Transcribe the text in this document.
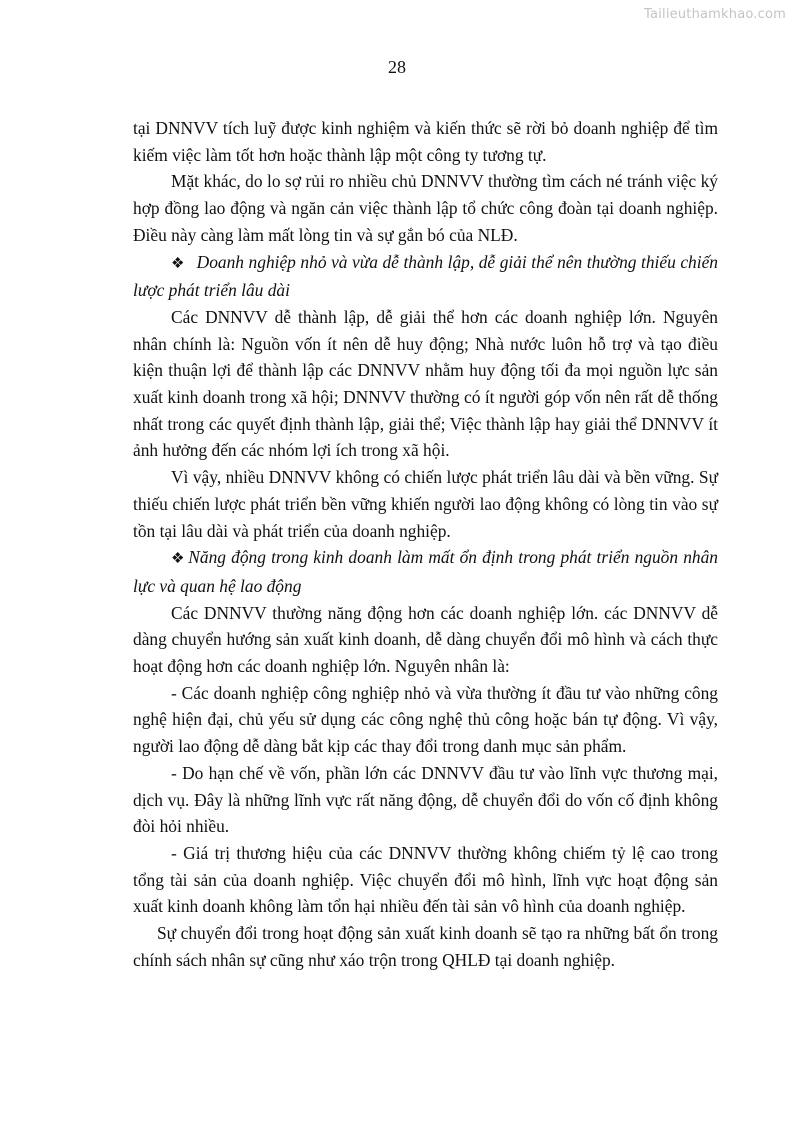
Tailieuthamkhao.com
28

tại DNNVV tích luỹ được kinh nghiệm và kiến thức sẽ rời bỏ doanh nghiệp để tìm kiếm việc làm tốt hơn hoặc thành lập một công ty tương tự.

Mặt khác, do lo sợ rủi ro nhiều chủ DNNVV thường tìm cách né tránh việc ký hợp đồng lao động và ngăn cản việc thành lập tổ chức công đoàn tại doanh nghiệp. Điều này càng làm mất lòng tin và sự gắn bó của NLĐ.

❖ Doanh nghiệp nhỏ và vừa dễ thành lập, dễ giải thể nên thường thiếu chiến lược phát triển lâu dài

Các DNNVV dễ thành lập, dễ giải thể hơn các doanh nghiệp lớn. Nguyên nhân chính là: Nguồn vốn ít nên dễ huy động; Nhà nước luôn hỗ trợ và tạo điều kiện thuận lợi để thành lập các DNNVV nhằm huy động tối đa mọi nguồn lực sản xuất kinh doanh trong xã hội; DNNVV thường có ít người góp vốn nên rất dễ thống nhất trong các quyết định thành lập, giải thể; Việc thành lập hay giải thể DNNVV ít ảnh hưởng đến các nhóm lợi ích trong xã hội.

Vì vậy, nhiều DNNVV không có chiến lược phát triển lâu dài và bền vững. Sự thiếu chiến lược phát triển bền vững khiến người lao động không có lòng tin vào sự tồn tại lâu dài và phát triển của doanh nghiệp.

❖ Năng động trong kinh doanh làm mất ổn định trong phát triển nguồn nhân lực và quan hệ lao động

Các DNNVV thường năng động hơn các doanh nghiệp lớn. các DNNVV dễ dàng chuyển hướng sản xuất kinh doanh, dễ dàng chuyển đổi mô hình và cách thực hoạt động hơn các doanh nghiệp lớn. Nguyên nhân là:

- Các doanh nghiệp công nghiệp nhỏ và vừa thường ít đầu tư vào những công nghệ hiện đại, chủ yếu sử dụng các công nghệ thủ công hoặc bán tự động. Vì vậy, người lao động dễ dàng bắt kịp các thay đổi trong danh mục sản phẩm.

- Do hạn chế về vốn, phần lớn các DNNVV đầu tư vào lĩnh vực thương mại, dịch vụ. Đây là những lĩnh vực rất năng động, dễ chuyển đổi do vốn cố định không đòi hỏi nhiều.

- Giá trị thương hiệu của các DNNVV thường không chiếm tỷ lệ cao trong tổng tài sản của doanh nghiệp. Việc chuyển đổi mô hình, lĩnh vực hoạt động sản xuất kinh doanh không làm tổn hại nhiều đến tài sản vô hình của doanh nghiệp.

Sự chuyển đổi trong hoạt động sản xuất kinh doanh sẽ tạo ra những bất ổn trong chính sách nhân sự cũng như xáo trộn trong QHLĐ tại doanh nghiệp.
